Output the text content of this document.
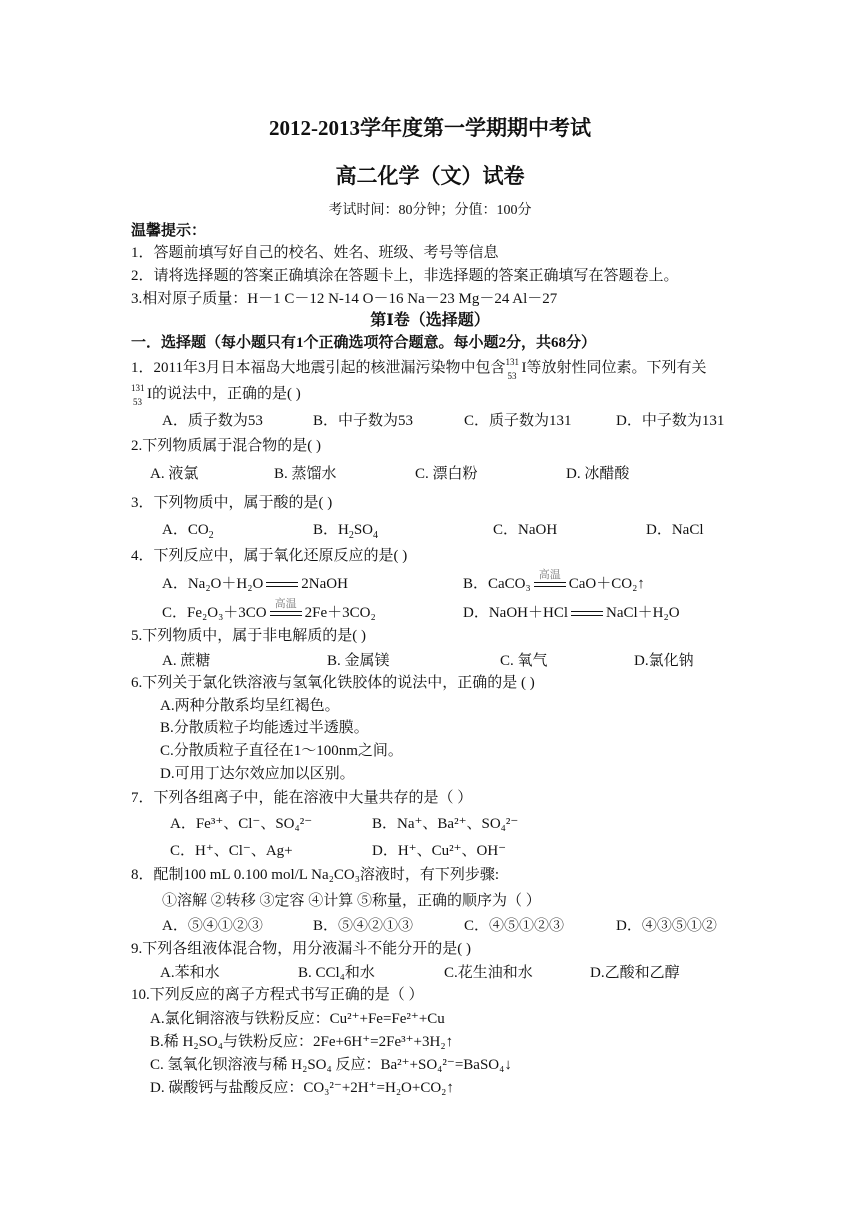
2012-2013学年度第一学期期中考试
高二化学（文）试卷
考试时间：80分钟；分值：100分
温馨提示：
1．答题前填写好自己的校名、姓名、班级、考号等信息
2．请将选择题的答案正确填涂在答题卡上，非选择题的答案正确填写在答题卷上。
3.相对原子质量：H－1 C－12 N-14 O－16 Na－23 Mg－24 Al－27
第Ⅰ卷（选择题）
一．选择题（每小题只有1个正确选项符合题意。每小题2分，共68分）
1．2011年3月日本福岛大地震引起的核泄漏污染物中包含 131
53 I等放射性同位素。下列有关
131
53 I的说法中，正确的是( )
A．质子数为53	B．中子数为53	C．质子数为131	D．中子数为131
2.下列物质属于混合物的是( )
A. 液氯	B. 蒸馏水	C. 漂白粉	D. 冰醋酸
3．下列物质中，属于酸的是( )
A．$CO_2$	B．$H_2SO_4$	C．NaOH	D．NaCl
4．下列反应中，属于氧化还原反应的是( )
A．Na₂O＋H₂O	2NaOH	B．CaCO₃
高温
CaO＋CO₂↑
C．Fe₂O₃＋3CO
高温
2Fe＋3CO₂	D．NaOH＋HCl	NaCl＋H₂O
5.下列物质中，属于非电解质的是( )
A. 蔗糖	B. 金属镁	C. 氧气	D.氯化钠
6.下列关于氯化铁溶液与氢氧化铁胶体的说法中，正确的是 ( )
A.两种分散系均呈红褐色。
B.分散质粒子均能透过半透膜。
C.分散质粒子直径在1～100nm之间。
D.可用丁达尔效应加以区别。
7．下列各组离子中，能在溶液中大量共存的是（ ）
A．Fe³⁺、Cl⁻、SO₄²⁻	B．Na⁺、Ba²⁺、SO₄²⁻
C．H⁺、Cl⁻、Ag+	D．H⁺、Cu²⁺、OH⁻
8．配制100 mL 0.100 mol/L Na₂CO₃溶液时，有下列步骤:
①溶解 ②转移 ③定容 ④计算 ⑤称量，正确的顺序为（ ）
A．⑤④①②③	B．⑤④②①③	C．④⑤①②③	D．④③⑤①②
9.下列各组液体混合物，用分液漏斗不能分开的是( )
A.苯和水	B. CCl₄和水	C.花生油和水	D.乙酸和乙醇
10.下列反应的离子方程式书写正确的是（ ）
A.氯化铜溶液与铁粉反应：Cu²⁺+Fe=Fe²⁺+Cu
B.稀 H₂SO₄与铁粉反应：2Fe+6H⁺=2Fe³⁺+3H₂↑
C. 氢氧化钡溶液与稀 H₂SO₄ 反应：Ba²⁺+SO₄²⁻=BaSO₄↓
D. 碳酸钙与盐酸反应：CO₃²⁻+2H⁺=H₂O+CO₂↑
